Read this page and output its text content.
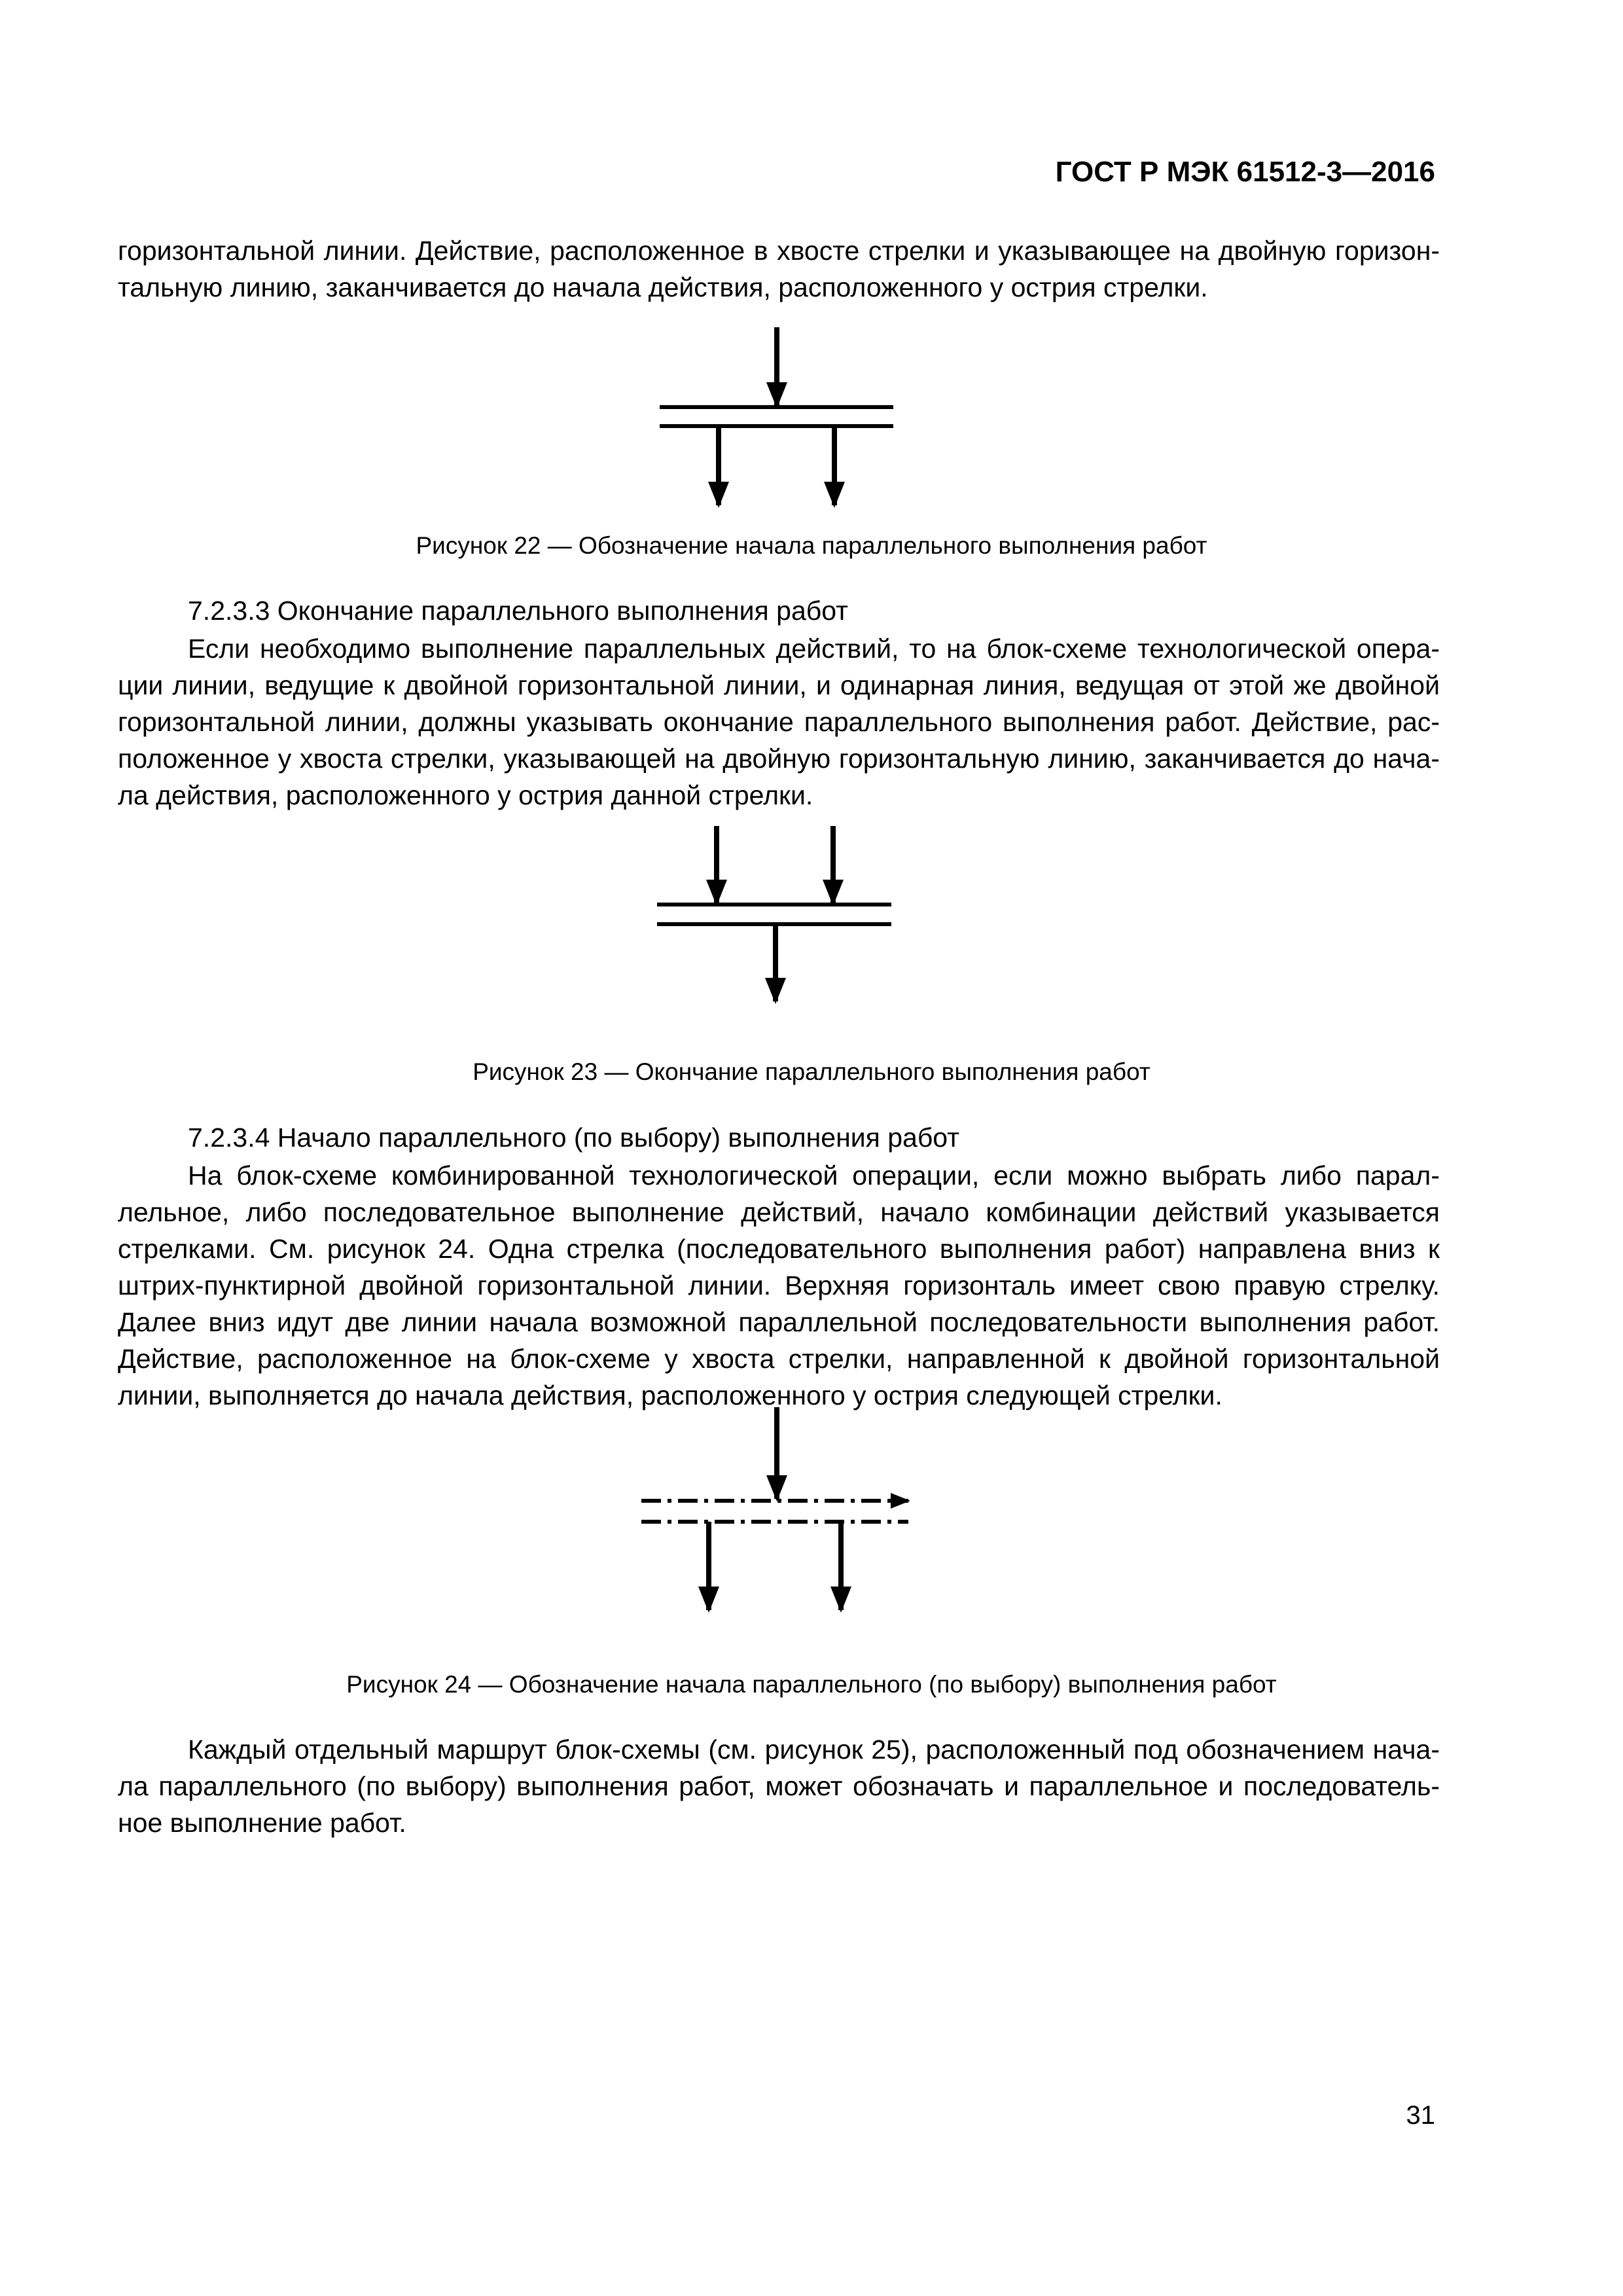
ГОСТ Р МЭК 61512-3—2016
горизонтальной линии. Действие, расположенное в хвосте стрелки и указывающее на двойную горизон-
тальную линию, заканчивается до начала действия, расположенного у острия стрелки.
Рисунок 22 — Обозначение начала параллельного выполнения работ
7.2.3.3 Окончание параллельного выполнения работ
Если необходимо выполнение параллельных действий, то на блок-схеме технологической опера-
ции линии, ведущие к двойной горизонтальной линии, и одинарная линия, ведущая от этой же двойной
горизонтальной линии, должны указывать окончание параллельного выполнения работ. Действие, рас-
положенное у хвоста стрелки, указывающей на двойную горизонтальную линию, заканчивается до нача-
ла действия, расположенного у острия данной стрелки.
Рисунок 23 — Окончание параллельного выполнения работ
7.2.3.4 Начало параллельного (по выбору) выполнения работ
На блок-схеме комбинированной технологической операции, если можно выбрать либо парал-
лельное, либо последовательное выполнение действий, начало комбинации действий указывается
стрелками. См. рисунок 24. Одна стрелка (последовательного выполнения работ) направлена вниз к
штрих-пунктирной двойной горизонтальной линии. Верхняя горизонталь имеет свою правую стрелку.
Далее вниз идут две линии начала возможной параллельной последовательности выполнения работ.
Действие, расположенное на блок-схеме у хвоста стрелки, направленной к двойной горизонтальной
линии, выполняется до начала действия, расположенного у острия следующей стрелки.
Рисунок 24 — Обозначение начала параллельного (по выбору) выполнения работ
Каждый отдельный маршрут блок-схемы (см. рисунок 25), расположенный под обозначением нача-
ла параллельного (по выбору) выполнения работ, может обозначать и параллельное и последователь-
ное выполнение работ.
31
